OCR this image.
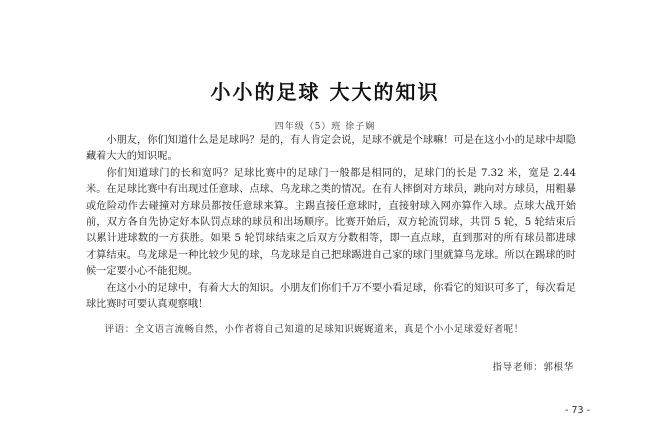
小小的足球 大大的知识
四年级（5）班 徐子娴

小朋友，你们知道什么是足球吗？是的，有人肯定会说，足球不就是个球嘛！可是在这小小的足球中却隐藏着大大的知识呢。

你们知道球门的长和宽吗？足球比赛中的足球门一般都是相同的，足球门的长是 7.32 米，宽是 2.44 米。在足球比赛中有出现过任意球、点球、乌龙球之类的情况。在有人摔倒对方球员，跳向对方球员，用粗暴或危险动作去碰撞对方球员都按任意球来算。主踢直接任意球时，直接射球入网亦算作入球。点球大战开始前，双方各自先协定好本队罚点球的球员和出场顺序。比赛开始后，双方轮流罚球，共罚 5 轮，5 轮结束后以累计进球数的一方获胜。如果 5 轮罚球结束之后双方分数相等，即一直点球，直到那对的所有球员都进球才算结束。乌龙球是一种比较少见的球，乌龙球是自己把球踢进自己家的球门里就算乌龙球。所以在踢球的时候一定要小心不能犯规。

在这小小的足球中，有着大大的知识。小朋友们你们千万不要小看足球，你看它的知识可多了，每次看足球比赛时可要认真观察哦！

评语：全文语言流畅自然，小作者将自己知道的足球知识娓娓道来，真是个小小足球爱好者呢！
指导老师：郭根华
- 73 -
